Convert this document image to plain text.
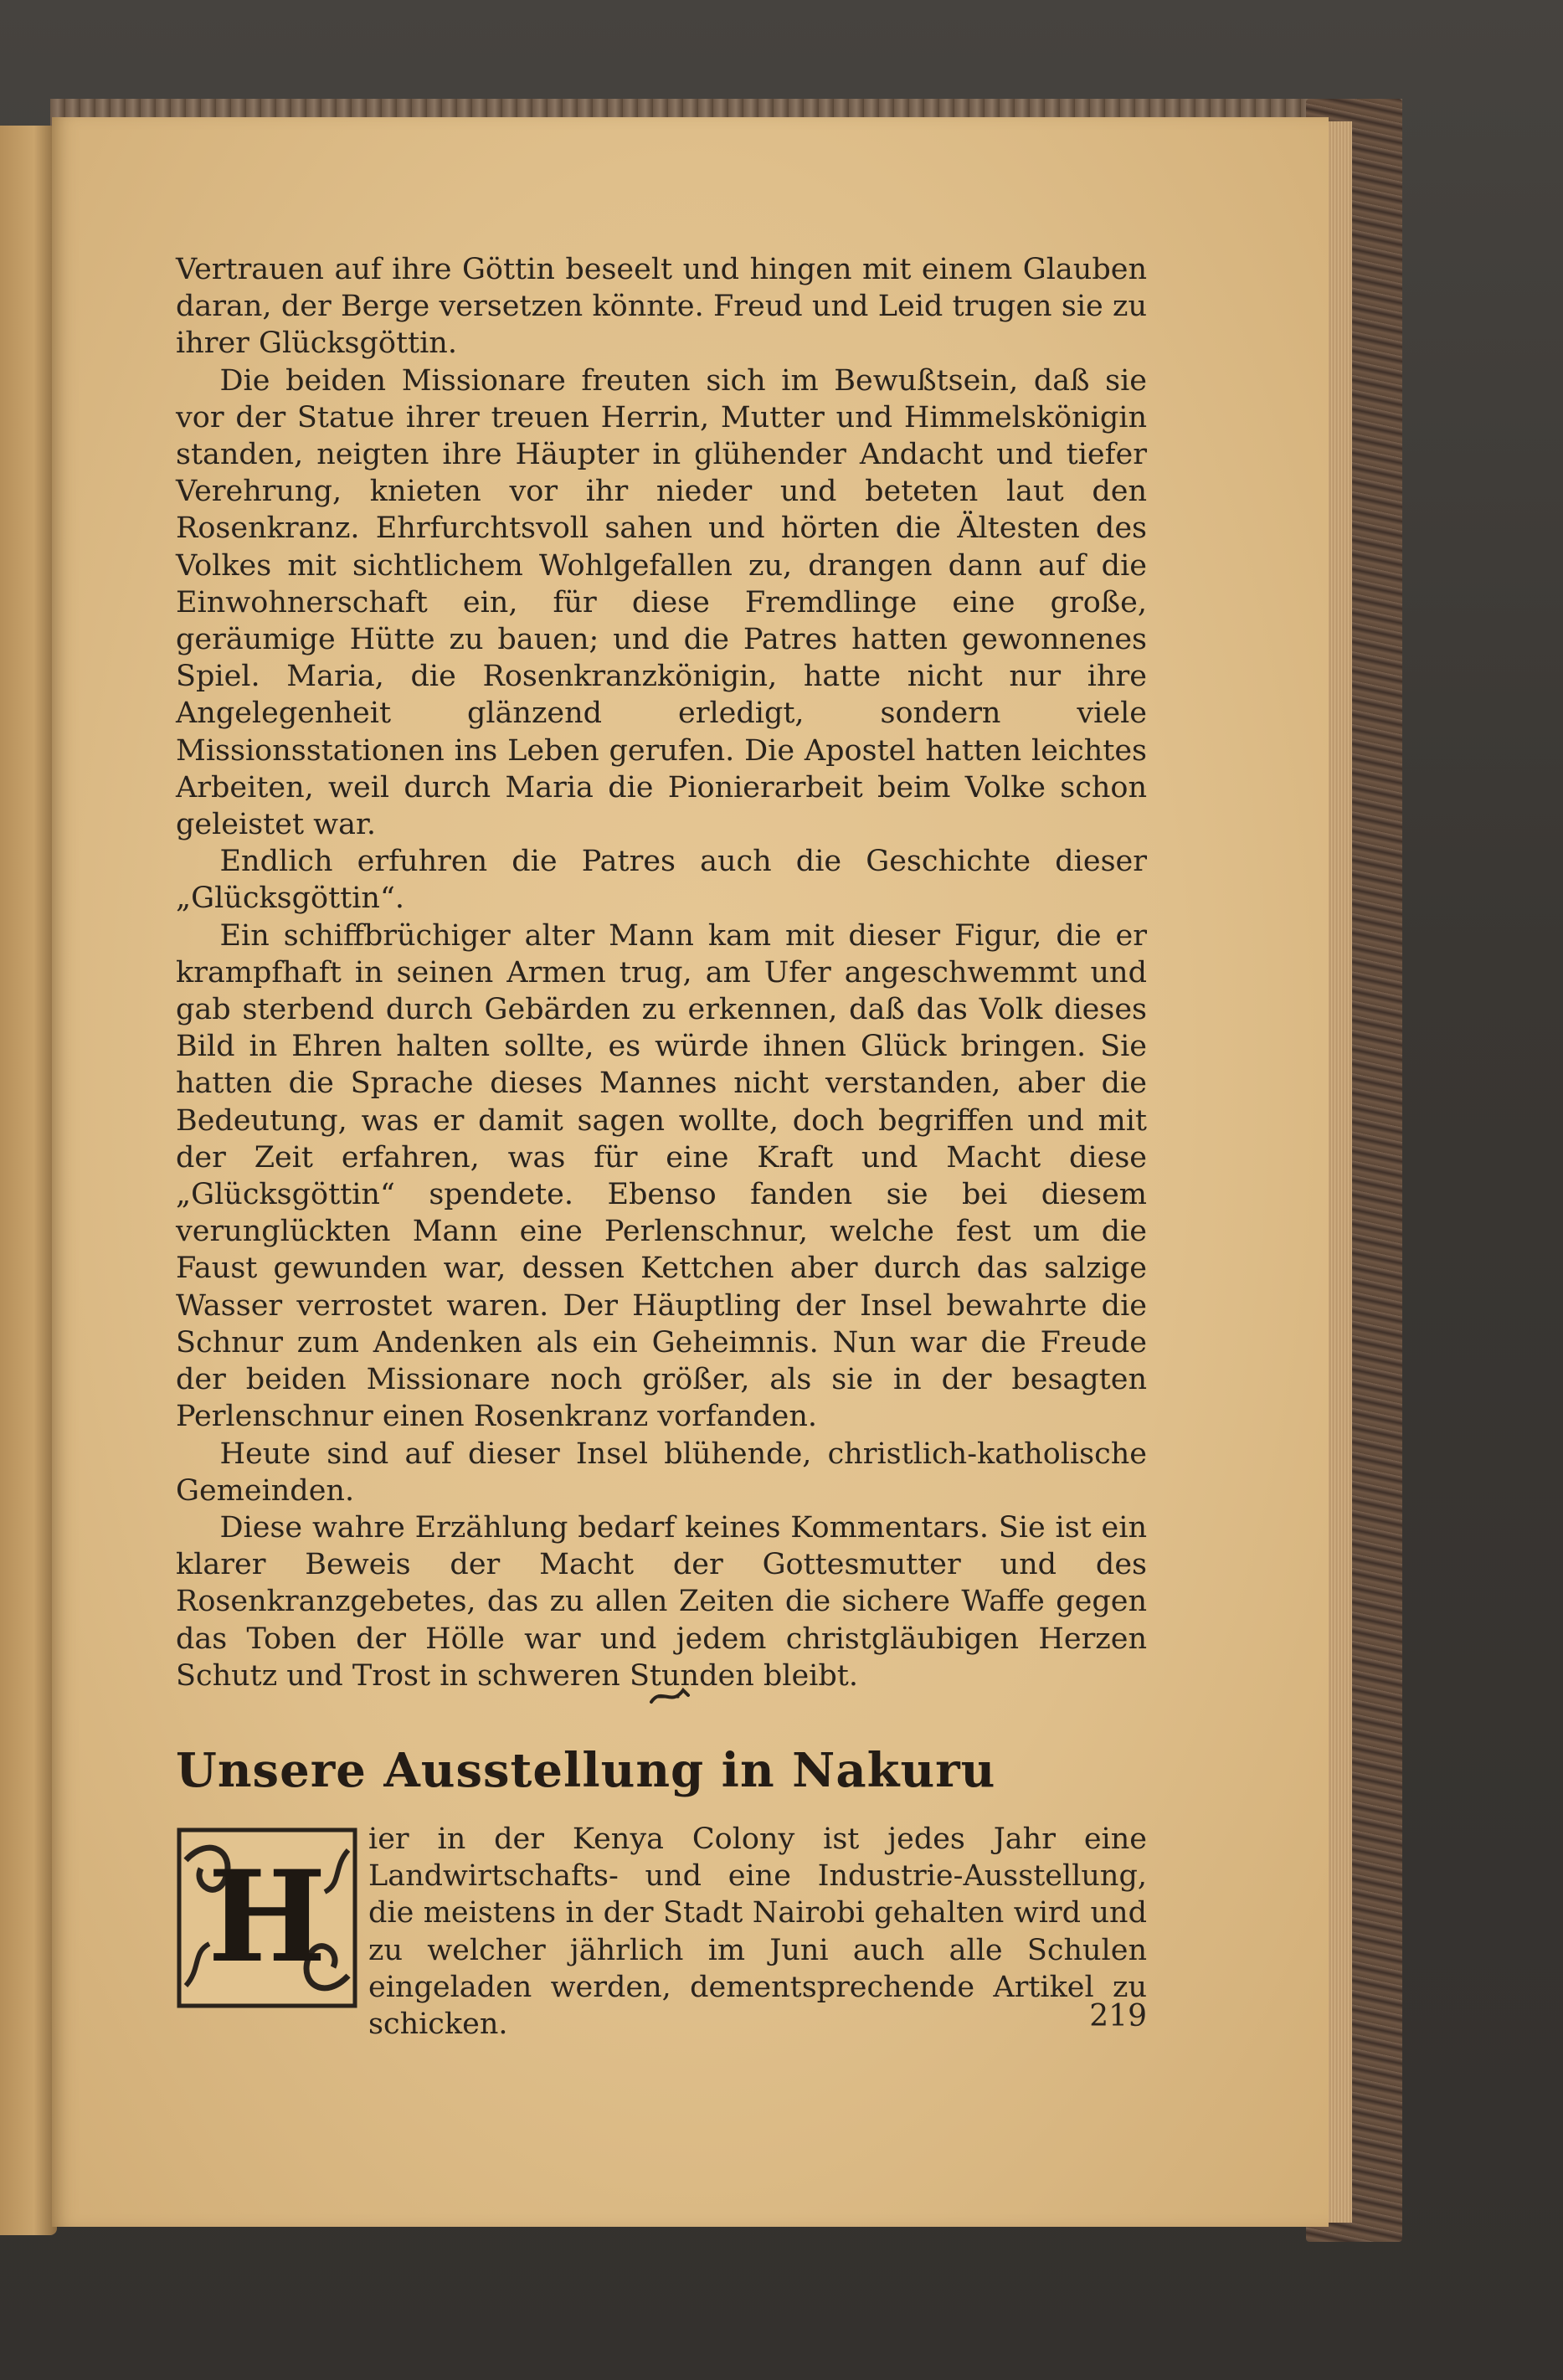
Vertrauen auf ihre Göttin beseelt und hingen mit einem Glauben daran, der Berge versetzen könnte. Freud und Leid trugen sie zu ihrer Glücksgöttin.

Die beiden Missionare freuten sich im Bewußtsein, daß sie vor der Statue ihrer treuen Herrin, Mutter und Himmelskönigin standen, neigten ihre Häupter in glühender Andacht und tiefer Verehrung, knieten vor ihr nieder und beteten laut den Rosenkranz. Ehrfurchtsvoll sahen und hörten die Ältesten des Volkes mit sichtlichem Wohlgefallen zu, drangen dann auf die Einwohnerschaft ein, für diese Fremdlinge eine große, geräumige Hütte zu bauen; und die Patres hatten gewonnenes Spiel. Maria, die Rosenkranzkönigin, hatte nicht nur ihre Angelegenheit glänzend erledigt, sondern viele Missionsstationen ins Leben gerufen. Die Apostel hatten leichtes Arbeiten, weil durch Maria die Pionierarbeit beim Volke schon geleistet war.

Endlich erfuhren die Patres auch die Geschichte dieser „Glücksgöttin“.

Ein schiffbrüchiger alter Mann kam mit dieser Figur, die er krampfhaft in seinen Armen trug, am Ufer angeschwemmt und gab sterbend durch Gebärden zu erkennen, daß das Volk dieses Bild in Ehren halten sollte, es würde ihnen Glück bringen. Sie hatten die Sprache dieses Mannes nicht verstanden, aber die Bedeutung, was er damit sagen wollte, doch begriffen und mit der Zeit erfahren, was für eine Kraft und Macht diese „Glücksgöttin“ spendete. Ebenso fanden sie bei diesem verunglückten Mann eine Perlenschnur, welche fest um die Faust gewunden war, dessen Kettchen aber durch das salzige Wasser verrostet waren. Der Häuptling der Insel bewahrte die Schnur zum Andenken als ein Geheimnis. Nun war die Freude der beiden Missionare noch größer, als sie in der besagten Perlenschnur einen Rosenkranz vorfanden.

Heute sind auf dieser Insel blühende, christlich-katholische Gemeinden.

Diese wahre Erzählung bedarf keines Kommentars. Sie ist ein klarer Beweis der Macht der Gottesmutter und des Rosenkranzgebetes, das zu allen Zeiten die sichere Waffe gegen das Toben der Hölle war und jedem christgläubigen Herzen Schutz und Trost in schweren Stunden bleibt.

Unsere Ausstellung in Nakuru
H

ier in der Kenya Colony ist jedes Jahr eine Landwirtschafts- und eine Industrie-Ausstellung, die meistens in der Stadt Nairobi gehalten wird und zu welcher jährlich im Juni auch alle Schulen eingeladen werden, dementsprechende Artikel zu schicken.	219
